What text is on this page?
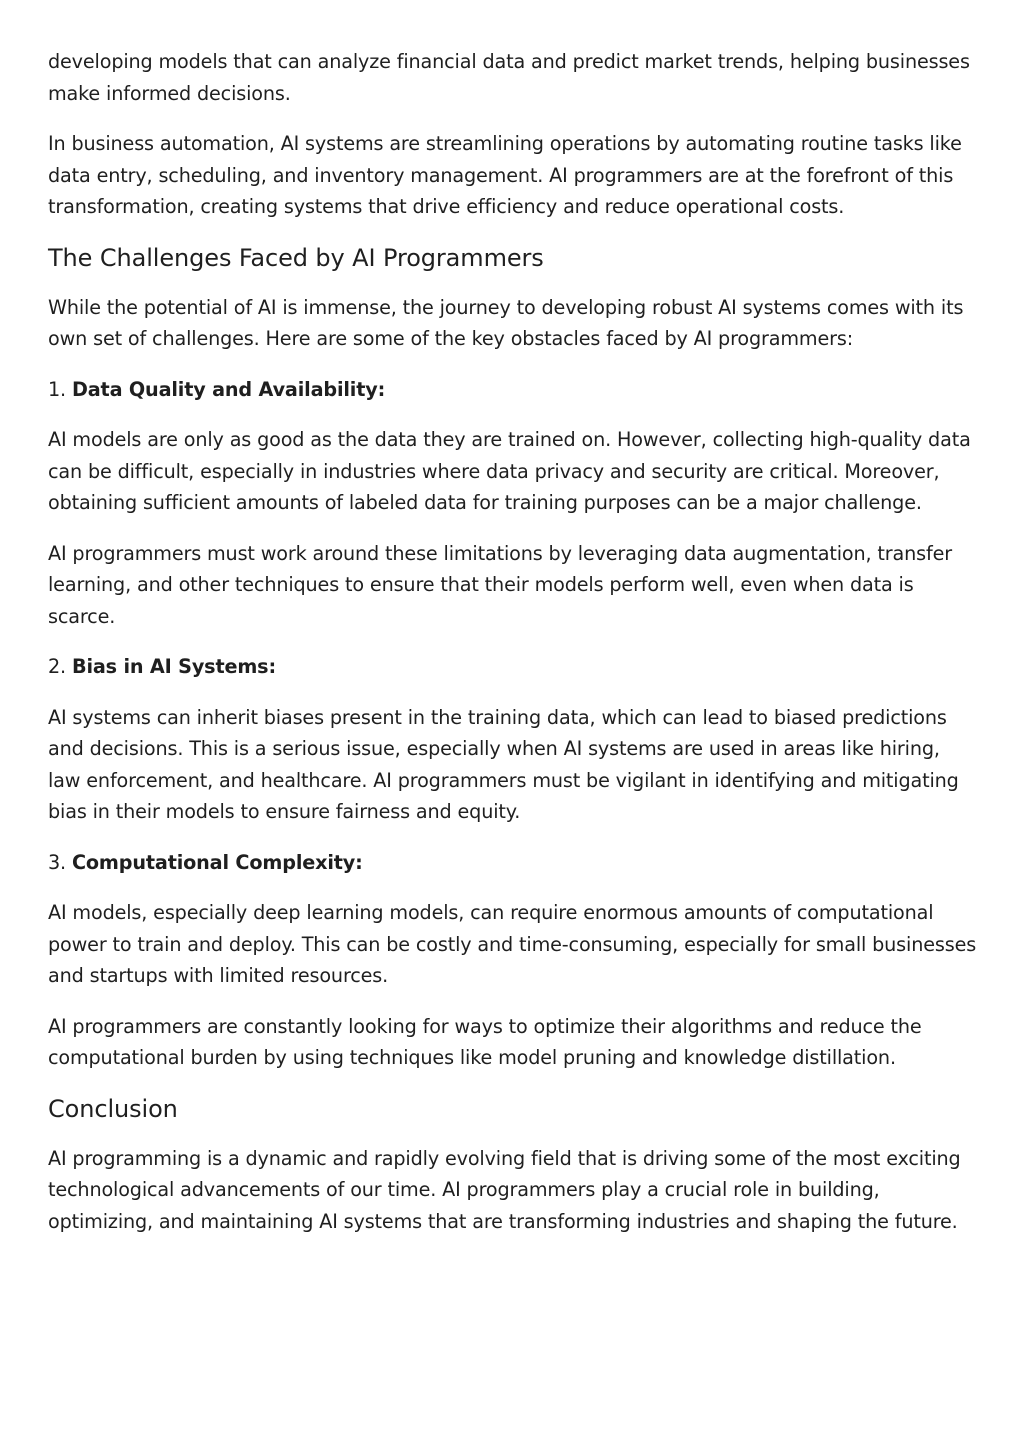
developing models that can analyze financial data and predict market trends, helping businesses make informed decisions.

In business automation, AI systems are streamlining operations by automating routine tasks like data entry, scheduling, and inventory management. AI programmers are at the forefront of this transformation, creating systems that drive efficiency and reduce operational costs.

The Challenges Faced by AI Programmers

While the potential of AI is immense, the journey to developing robust AI systems comes with its own set of challenges. Here are some of the key obstacles faced by AI programmers:

1. Data Quality and Availability:

AI models are only as good as the data they are trained on. However, collecting high-quality data can be difficult, especially in industries where data privacy and security are critical. Moreover, obtaining sufficient amounts of labeled data for training purposes can be a major challenge.

AI programmers must work around these limitations by leveraging data augmentation, transfer learning, and other techniques to ensure that their models perform well, even when data is scarce.

2. Bias in AI Systems:

AI systems can inherit biases present in the training data, which can lead to biased predictions and decisions. This is a serious issue, especially when AI systems are used in areas like hiring, law enforcement, and healthcare. AI programmers must be vigilant in identifying and mitigating bias in their models to ensure fairness and equity.

3. Computational Complexity:

AI models, especially deep learning models, can require enormous amounts of computational power to train and deploy. This can be costly and time-consuming, especially for small businesses and startups with limited resources.

AI programmers are constantly looking for ways to optimize their algorithms and reduce the computational burden by using techniques like model pruning and knowledge distillation.

Conclusion

AI programming is a dynamic and rapidly evolving field that is driving some of the most exciting technological advancements of our time. AI programmers play a crucial role in building, optimizing, and maintaining AI systems that are transforming industries and shaping the future.
